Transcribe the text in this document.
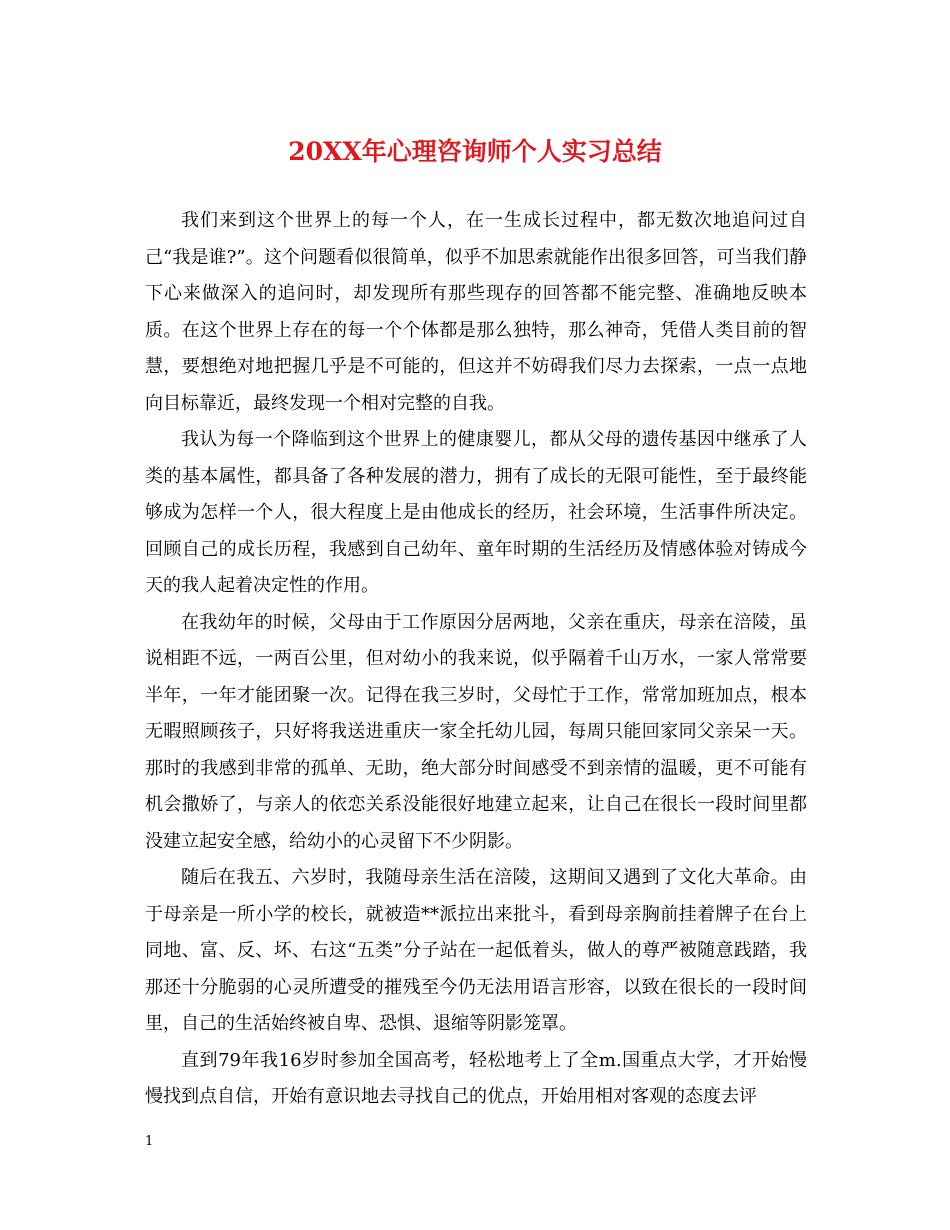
20XX年心理咨询师个人实习总结

我们来到这个世界上的每一个人，在一生成长过程中，都无数次地追问过自己“我是谁?”。这个问题看似很简单，似乎不加思索就能作出很多回答，可当我们静下心来做深入的追问时，却发现所有那些现存的回答都不能完整、准确地反映本质。在这个世界上存在的每一个个体都是那么独特，那么神奇，凭借人类目前的智慧，要想绝对地把握几乎是不可能的，但这并不妨碍我们尽力去探索，一点一点地向目标靠近，最终发现一个相对完整的自我。

我认为每一个降临到这个世界上的健康婴儿，都从父母的遗传基因中继承了人类的基本属性，都具备了各种发展的潜力，拥有了成长的无限可能性，至于最终能够成为怎样一个人，很大程度上是由他成长的经历，社会环境，生活事件所决定。回顾自己的成长历程，我感到自己幼年、童年时期的生活经历及情感体验对铸成今天的我人起着决定性的作用。

在我幼年的时候，父母由于工作原因分居两地，父亲在重庆，母亲在涪陵，虽说相距不远，一两百公里，但对幼小的我来说，似乎隔着千山万水，一家人常常要半年，一年才能团聚一次。记得在我三岁时，父母忙于工作，常常加班加点，根本无暇照顾孩子，只好将我送进重庆一家全托幼儿园，每周只能回家同父亲呆一天。那时的我感到非常的孤单、无助，绝大部分时间感受不到亲情的温暖，更不可能有机会撒娇了，与亲人的依恋关系没能很好地建立起来，让自己在很长一段时间里都没建立起安全感，给幼小的心灵留下不少阴影。

随后在我五、六岁时，我随母亲生活在涪陵，这期间又遇到了文化大革命。由于母亲是一所小学的校长，就被造**派拉出来批斗，看到母亲胸前挂着牌子在台上同地、富、反、坏、右这“五类”分子站在一起低着头，做人的尊严被随意践踏，我那还十分脆弱的心灵所遭受的摧残至今仍无法用语言形容，以致在很长的一段时间里，自己的生活始终被自卑、恐惧、退缩等阴影笼罩。

直到79年我16岁时参加全国高考，轻松地考上了全m.国重点大学，才开始慢慢找到点自信，开始有意识地去寻找自己的优点，开始用相对客观的态度去评

1
